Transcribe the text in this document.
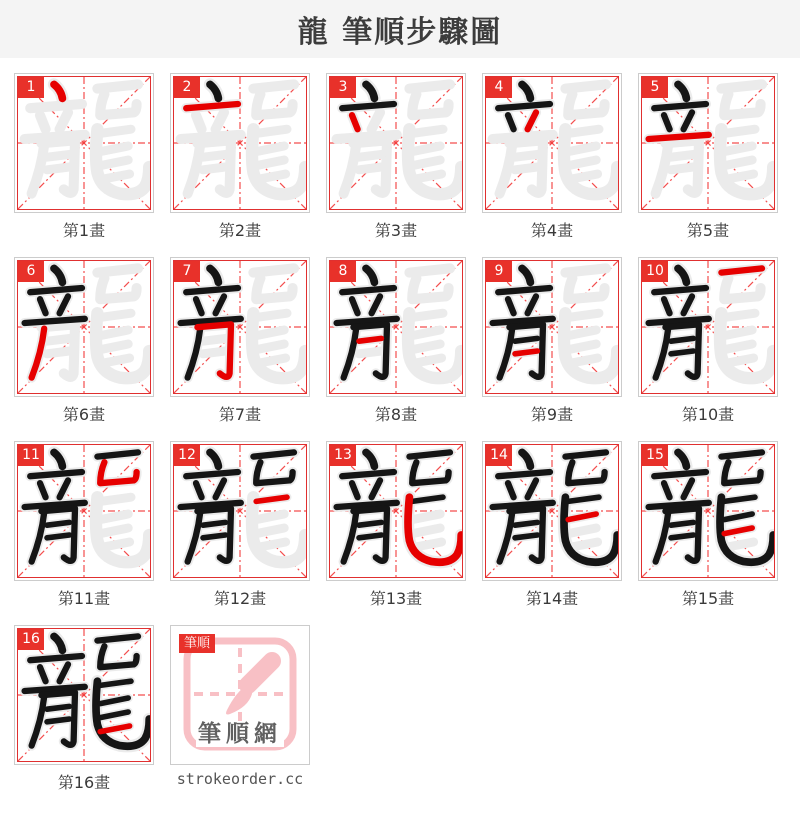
龍 筆順步驟圖
1
第1畫
2
第2畫
3
第3畫
4
第4畫
5
第5畫
6
第6畫
7
第7畫
8
第8畫
9
第9畫
10
第10畫
11
第11畫
12
第12畫
13
第13畫
14
第14畫
15
第15畫
16
第16畫
筆順
筆順網
strokeorder.cc
